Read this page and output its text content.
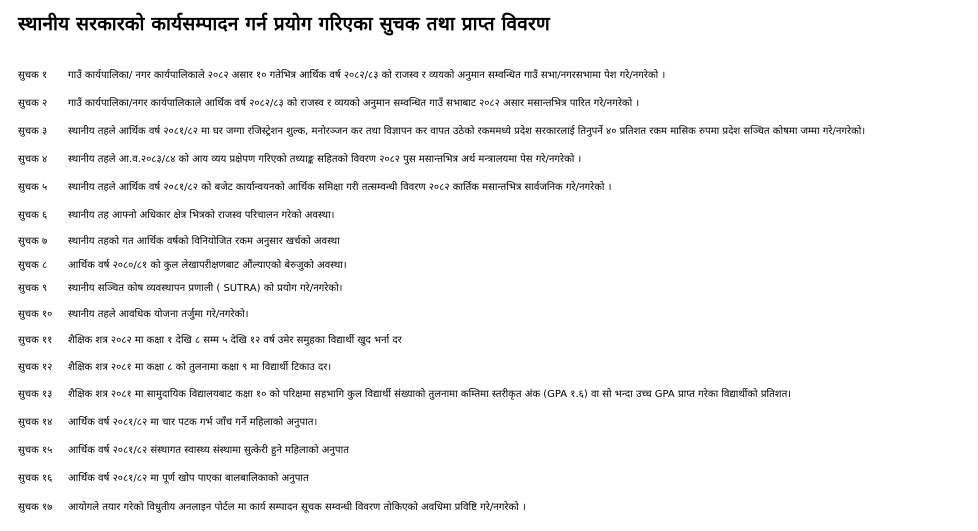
स्थानीय सरकारको कार्यसम्पादन गर्न प्रयोग गरिएका सुचक तथा प्राप्त विवरण
सुचक १ गाउँ कार्यपालिका/ नगर कार्यपालिकाले २०८२ असार १० गतेभित्र आर्थिक वर्ष २०८२/८३ को राजस्व र व्ययको अनुमान सम्वन्धित गाउँ सभा/नगरसभामा पेश गरे/नगरेको ।
सुचक २ गाउँ कार्यपालिका/नगर कार्यपालिकाले आर्थिक वर्ष २०८२/८३ को राजस्व र व्ययको अनुमान सम्वन्धित गाउँ सभाबाट २०८२ असार मसान्तभित्र पारित गरे/नगरेको ।
सुचक ३ स्थानीय तहले आर्थिक वर्ष २०८१/८२ मा घर जग्गा रजिस्ट्रेशन शुल्क, मनोरञ्जन कर तथा विज्ञापन कर वापत उठेको रकममध्ये प्रदेश सरकारलाई तिनुपर्ने ४० प्रतिशत रकम मासिक रुपमा प्रदेश सञ्चित कोषमा जम्मा गरे/नगरेको।
सुचक ४ स्थानीय तहले आ.व.२०८३/८४ को आय व्यय प्रक्षेपण गरिएको तथ्याङ्क सहितको विवरण २०८२ पुस मसान्तभित्र अर्थ मन्त्रालयमा पेस गरे/नगरेको ।
सुचक ५ स्थानीय तहले आर्थिक वर्ष २०८१/८२ को बजेट कार्यान्वयनको आर्थिक समिक्षा गरी तत्सम्वन्धी विवरण २०८२ कार्तिक मसान्तभित्र सार्वजनिक गरे/नगरेको ।
सुचक ६ स्थानीय तह आफ्नो अधिकार क्षेत्र भित्रको राजस्व परिचालन गरेको अवस्था।
सुचक ७ स्थानीय तहको गत आर्थिक वर्षको विनियोजित रकम अनुसार खर्चको अवस्था
सुचक ८ आर्थिक वर्ष २०८०/८१ को कुल लेखापरीक्षणबाट औंल्याएको बेरुजुको अवस्था।
सुचक ९ स्थानीय सञ्चित कोष व्यवस्थापन प्रणाली ( SUTRA) को प्रयोग गरे/नगरेको।
सुचक १० स्थानीय तहले आवधिक योजना तर्जुमा गरे/नगरेको।
सुचक ११ शैक्षिक शत्र २०८२ मा कक्षा १ देखि ८ सम्म ५ देखि १२ वर्ष उमेर समुहका विद्यार्थी खुद भर्ना दर
सुचक १२ शैक्षिक शत्र २०८१ मा कक्षा ८ को तुलनामा कक्षा ९ मा विद्यार्थी टिकाउ दर।
सुचक १३ शैक्षिक शत्र २०८१ मा सामुदायिक विद्यालयबाट कक्षा १० को परिक्षमा सहभागि कुल विद्यार्थी संख्याको तुलनामा कम्तिमा स्तरीकृत अंक (GPA १.६) वा सो भन्दा उच्च GPA प्राप्त गरेका विद्यार्थीको प्रतिशत।
सुचक १४ आर्थिक वर्ष २०८१/८२ मा चार पटक गर्भ जाँच गर्ने महिलाको अनुपात।
सुचक १५ आर्थिक वर्ष २०८१/८२ संस्थागत स्वास्थ्य संस्थामा सुत्केरी हुने महिलाको अनुपात
सुचक १६ आर्थिक वर्ष २०८१/८२ मा पूर्ण खोप पाएका बालबालिकाको अनुपात
सुचक १७ आयोगले तयार गरेको विधुतीय अनलाइन पोर्टल मा कार्य सम्पादन सूचक सम्वन्धी विवरण तोकिएको अवधिमा प्रविष्टि गरे/नगरेको ।
